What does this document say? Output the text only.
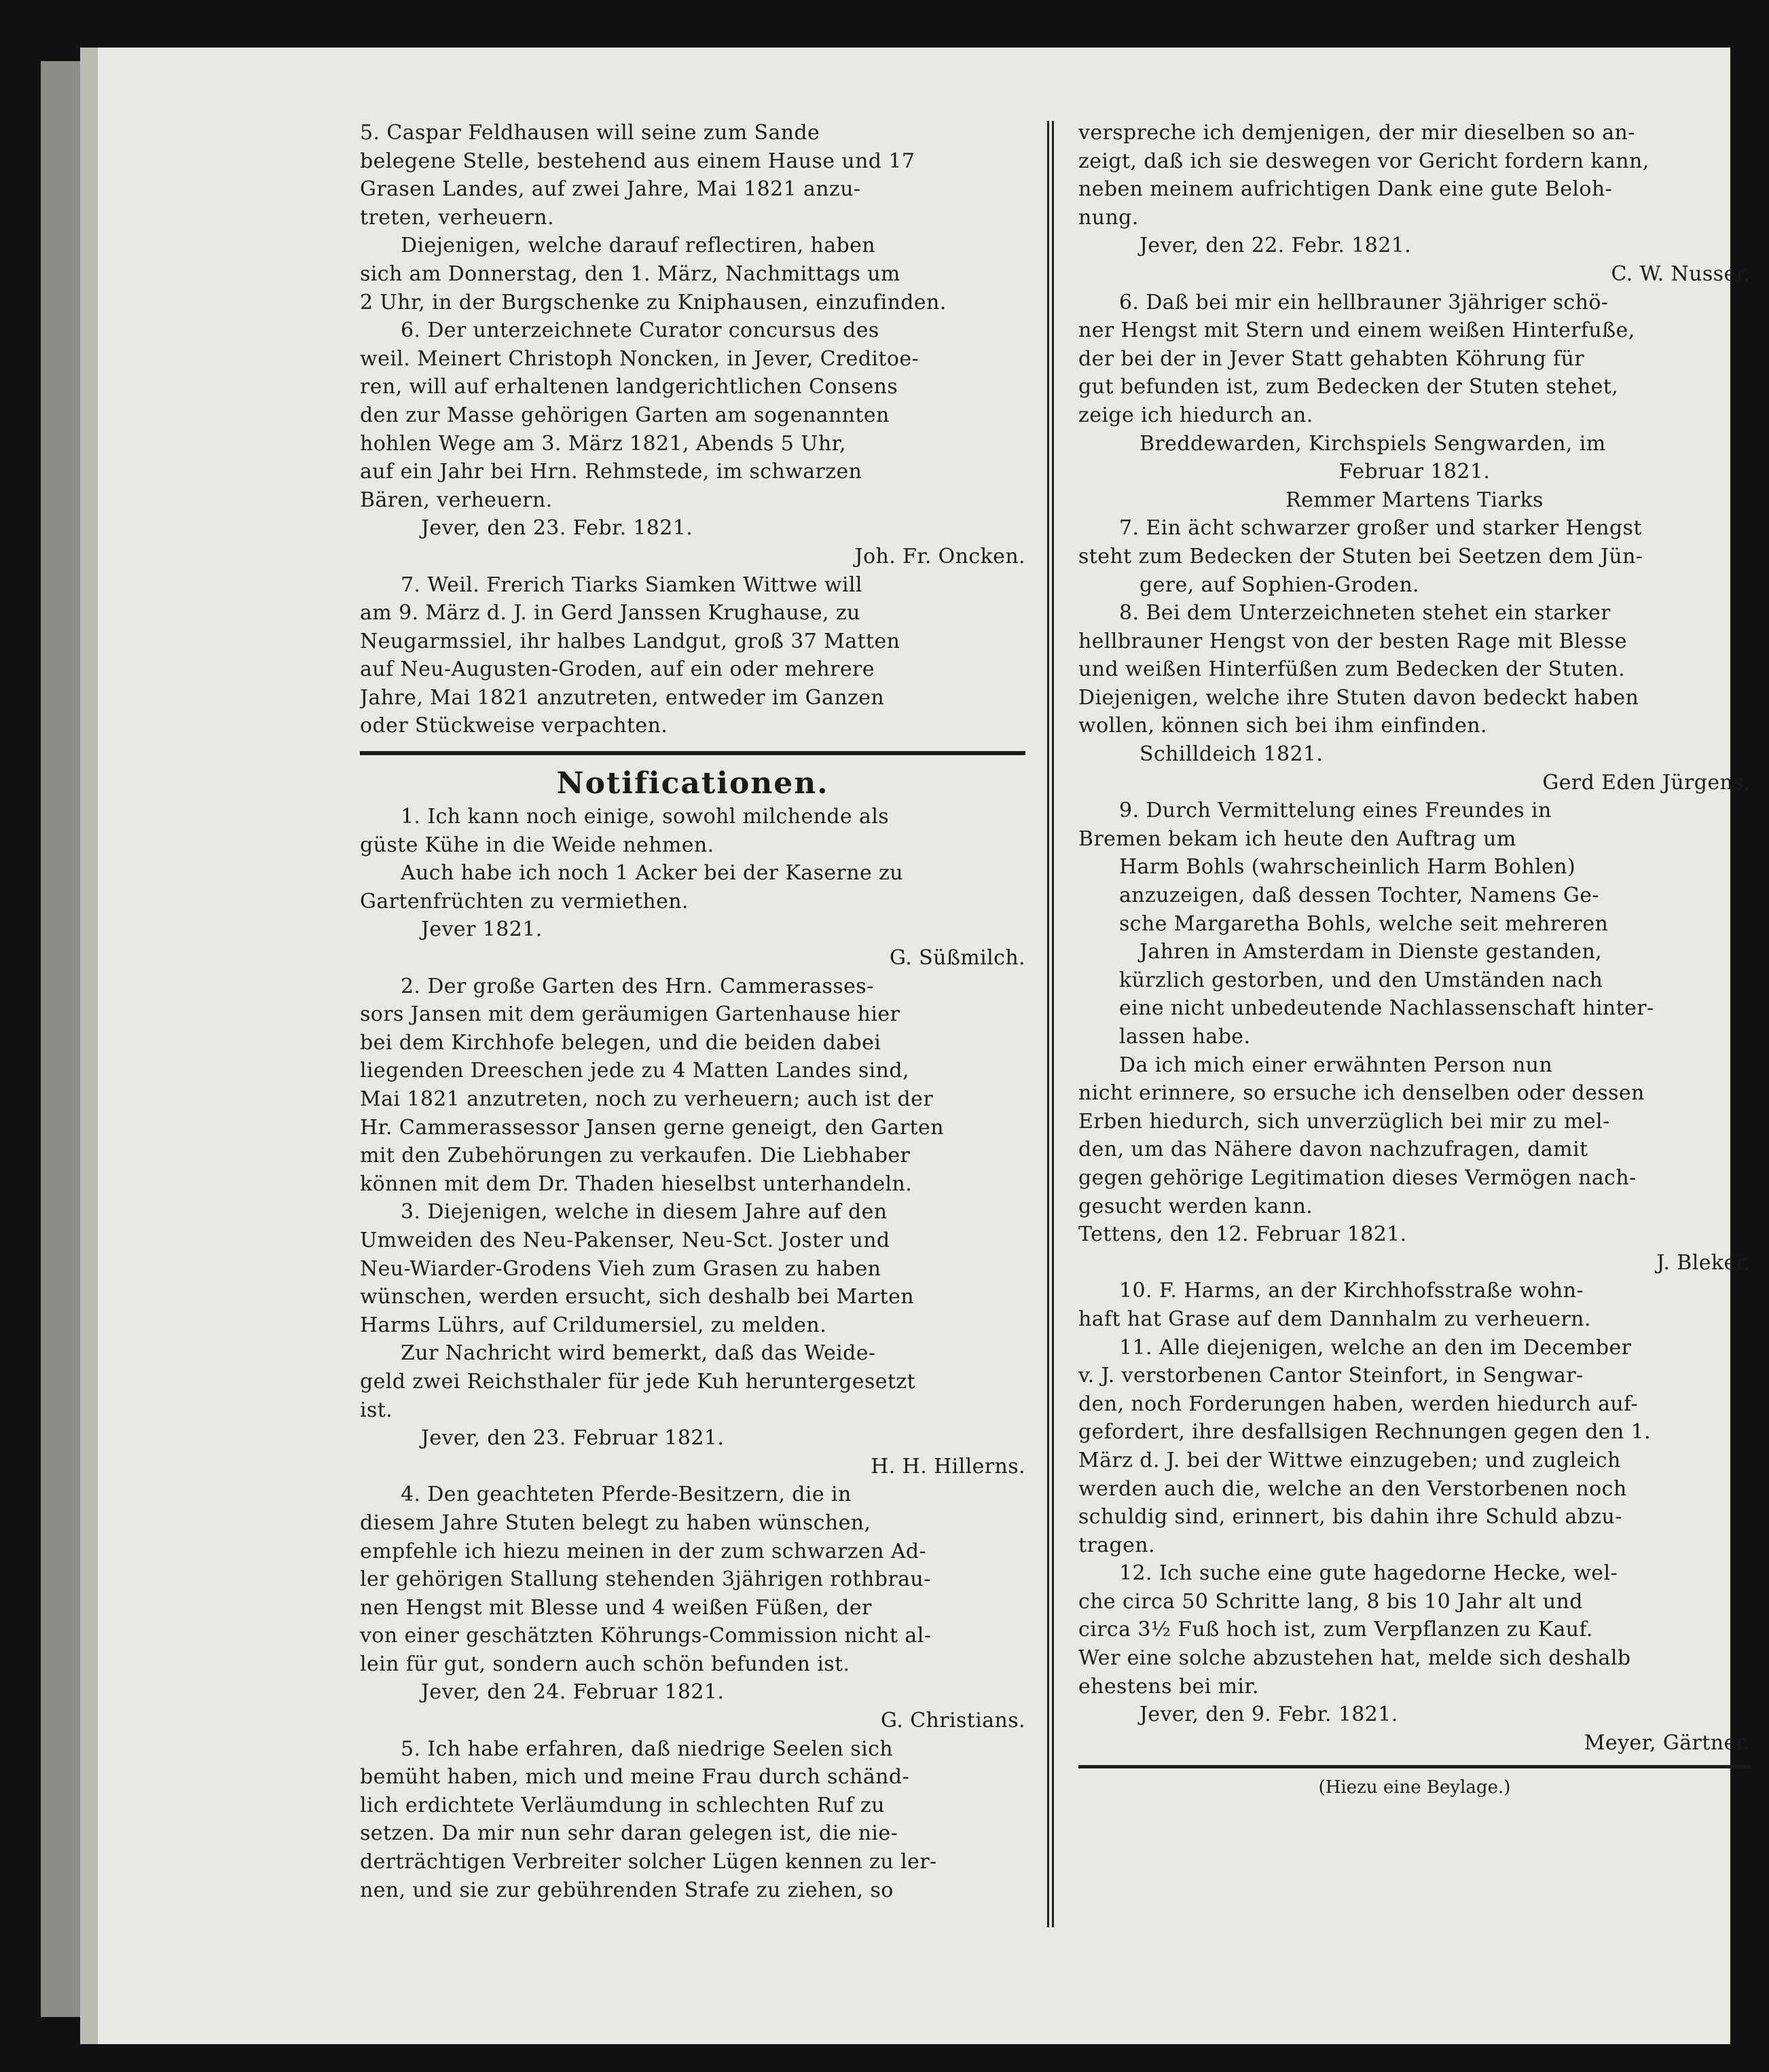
5. Caspar Feldhausen will seine zum Sande

belegene Stelle, bestehend aus einem Hause und 17

Grasen Landes, auf zwei Jahre, Mai 1821 anzu-

treten, verheuern.

Diejenigen, welche darauf reflectiren, haben

sich am Donnerstag, den 1. März, Nachmittags um

2 Uhr, in der Burgschenke zu Kniphausen, einzufinden.

6. Der unterzeichnete Curator concursus des

weil. Meinert Christoph Noncken, in Jever, Creditoe-

ren, will auf erhaltenen landgerichtlichen Consens

den zur Masse gehörigen Garten am sogenannten

hohlen Wege am 3. März 1821, Abends 5 Uhr,

auf ein Jahr bei Hrn. Rehmstede, im schwarzen

Bären, verheuern.

Jever, den 23. Febr. 1821.

Joh. Fr. Oncken.

7. Weil. Frerich Tiarks Siamken Wittwe will

am 9. März d. J. in Gerd Janssen Krughause, zu

Neugarmssiel, ihr halbes Landgut, groß 37 Matten

auf Neu-Augusten-Groden, auf ein oder mehrere

Jahre, Mai 1821 anzutreten, entweder im Ganzen

oder Stückweise verpachten.

Notificationen.

1. Ich kann noch einige, sowohl milchende als

güste Kühe in die Weide nehmen.

Auch habe ich noch 1 Acker bei der Kaserne zu

Gartenfrüchten zu vermiethen.

Jever 1821.

G. Süßmilch.

2. Der große Garten des Hrn. Cammerasses-

sors Jansen mit dem geräumigen Gartenhause hier

bei dem Kirchhofe belegen, und die beiden dabei

liegenden Dreeschen jede zu 4 Matten Landes sind,

Mai 1821 anzutreten, noch zu verheuern; auch ist der

Hr. Cammerassessor Jansen gerne geneigt, den Garten

mit den Zubehörungen zu verkaufen. Die Liebhaber

können mit dem Dr. Thaden hieselbst unterhandeln.

3. Diejenigen, welche in diesem Jahre auf den

Umweiden des Neu-Pakenser, Neu-Sct. Joster und

Neu-Wiarder-Grodens Vieh zum Grasen zu haben

wünschen, werden ersucht, sich deshalb bei Marten

Harms Lührs, auf Crildumersiel, zu melden.

Zur Nachricht wird bemerkt, daß das Weide-

geld zwei Reichsthaler für jede Kuh heruntergesetzt

ist.

Jever, den 23. Februar 1821.

H. H. Hillerns.

4. Den geachteten Pferde-Besitzern, die in

diesem Jahre Stuten belegt zu haben wünschen,

empfehle ich hiezu meinen in der zum schwarzen Ad-

ler gehörigen Stallung stehenden 3jährigen rothbrau-

nen Hengst mit Blesse und 4 weißen Füßen, der

von einer geschätzten Köhrungs-Commission nicht al-

lein für gut, sondern auch schön befunden ist.

Jever, den 24. Februar 1821.

G. Christians.

5. Ich habe erfahren, daß niedrige Seelen sich

bemüht haben, mich und meine Frau durch schänd-

lich erdichtete Verläumdung in schlechten Ruf zu

setzen. Da mir nun sehr daran gelegen ist, die nie-

derträchtigen Verbreiter solcher Lügen kennen zu ler-

nen, und sie zur gebührenden Strafe zu ziehen, so

verspreche ich demjenigen, der mir dieselben so an-

zeigt, daß ich sie deswegen vor Gericht fordern kann,

neben meinem aufrichtigen Dank eine gute Beloh-

nung.

Jever, den 22. Febr. 1821.

C. W. Nusser.

6. Daß bei mir ein hellbrauner 3jähriger schö-

ner Hengst mit Stern und einem weißen Hinterfuße,

der bei der in Jever Statt gehabten Köhrung für

gut befunden ist, zum Bedecken der Stuten stehet,

zeige ich hiedurch an.

Breddewarden, Kirchspiels Sengwarden, im

Februar 1821.

Remmer Martens Tiarks

7. Ein ächt schwarzer großer und starker Hengst

steht zum Bedecken der Stuten bei Seetzen dem Jün-

gere, auf Sophien-Groden.

8. Bei dem Unterzeichneten stehet ein starker

hellbrauner Hengst von der besten Rage mit Blesse

und weißen Hinterfüßen zum Bedecken der Stuten.

Diejenigen, welche ihre Stuten davon bedeckt haben

wollen, können sich bei ihm einfinden.

Schilldeich 1821.

Gerd Eden Jürgens.

9. Durch Vermittelung eines Freundes in

Bremen bekam ich heute den Auftrag um

Harm Bohls (wahrscheinlich Harm Bohlen)

anzuzeigen, daß dessen Tochter, Namens Ge-

sche Margaretha Bohls, welche seit mehreren

Jahren in Amsterdam in Dienste gestanden,

kürzlich gestorben, und den Umständen nach

eine nicht unbedeutende Nachlassenschaft hinter-

lassen habe.

Da ich mich einer erwähnten Person nun

nicht erinnere, so ersuche ich denselben oder dessen

Erben hiedurch, sich unverzüglich bei mir zu mel-

den, um das Nähere davon nachzufragen, damit

gegen gehörige Legitimation dieses Vermögen nach-

gesucht werden kann.

Tettens, den 12. Februar 1821.

J. Bleker.

10. F. Harms, an der Kirchhofsstraße wohn-

haft hat Grase auf dem Dannhalm zu verheuern.

11. Alle diejenigen, welche an den im December

v. J. verstorbenen Cantor Steinfort, in Sengwar-

den, noch Forderungen haben, werden hiedurch auf-

gefordert, ihre desfallsigen Rechnungen gegen den 1.

März d. J. bei der Wittwe einzugeben; und zugleich

werden auch die, welche an den Verstorbenen noch

schuldig sind, erinnert, bis dahin ihre Schuld abzu-

tragen.

12. Ich suche eine gute hagedorne Hecke, wel-

che circa 50 Schritte lang, 8 bis 10 Jahr alt und

circa 3½ Fuß hoch ist, zum Verpflanzen zu Kauf.

Wer eine solche abzustehen hat, melde sich deshalb

ehestens bei mir.

Jever, den 9. Febr. 1821.

Meyer, Gärtner.

(Hiezu eine Beylage.)
